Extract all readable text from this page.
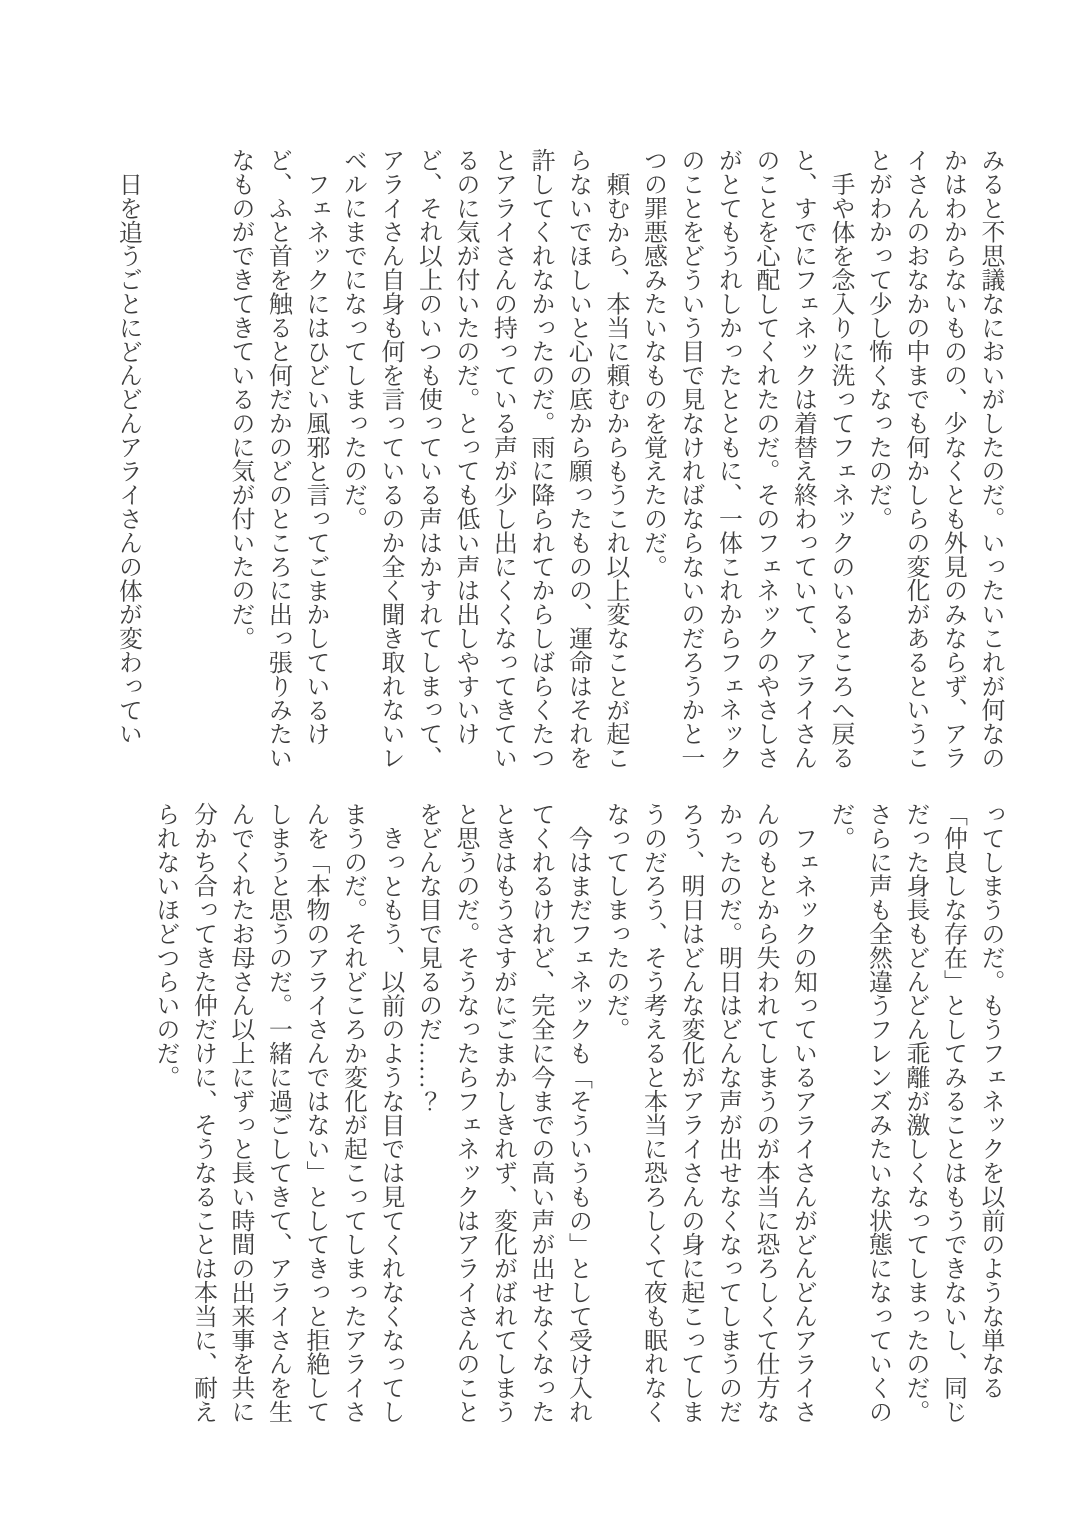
みると不思議なにおいがしたのだ。いったいこれが何なのかはわからないものの、少なくとも外見のみならず、アライさんのおなかの中までも何かしらの変化があるということがわかって少し怖くなったのだ。

手や体を念入りに洗ってフェネックのいるところへ戻ると、すでにフェネックは着替え終わっていて、アライさんのことを心配してくれたのだ。そのフェネックのやさしさがとてもうれしかったとともに、一体これからフェネックのことをどういう目で見なければならないのだろうかと一つの罪悪感みたいなものを覚えたのだ。

頼むから、本当に頼むからもうこれ以上変なことが起こらないでほしいと心の底から願ったものの、運命はそれを許してくれなかったのだ。雨に降られてからしばらくたつとアライさんの持っている声が少し出にくくなってきているのに気が付いたのだ。とっても低い声は出しやすいけど、それ以上のいつも使っている声はかすれてしまって、アライさん自身も何を言っているのか全く聞き取れないレベルにまでになってしまったのだ。

フェネックにはひどい風邪と言ってごまかしているけど、ふと首を触ると何だかのどのところに出っ張りみたいなものができてきているのに気が付いたのだ。

日を追うごとにどんどんアライさんの体が変わってい

ってしまうのだ。もうフェネックを以前のような単なる「仲良しな存在」としてみることはもうできないし、同じだった身長もどんどん乖離が激しくなってしまったのだ。さらに声も全然違うフレンズみたいな状態になっていくのだ。

フェネックの知っているアライさんがどんどんアライさんのもとから失われてしまうのが本当に恐ろしくて仕方なかったのだ。明日はどんな声が出せなくなってしまうのだろう、明日はどんな変化がアライさんの身に起こってしまうのだろう、そう考えると本当に恐ろしくて夜も眠れなくなってしまったのだ。

今はまだフェネックも「そういうもの」として受け入れてくれるけれど、完全に今までの高い声が出せなくなったときはもうさすがにごまかしきれず、変化がばれてしまうと思うのだ。そうなったらフェネックはアライさんのことをどんな目で見るのだ……？

きっともう、以前のような目では見てくれなくなってしまうのだ。それどころか変化が起こってしまったアライさんを「本物のアライさんではない」としてきっと拒絶してしまうと思うのだ。一緒に過ごしてきて、アライさんを生んでくれたお母さん以上にずっと長い時間の出来事を共に分かち合ってきた仲だけに、そうなることは本当に、耐えられないほどつらいのだ。
